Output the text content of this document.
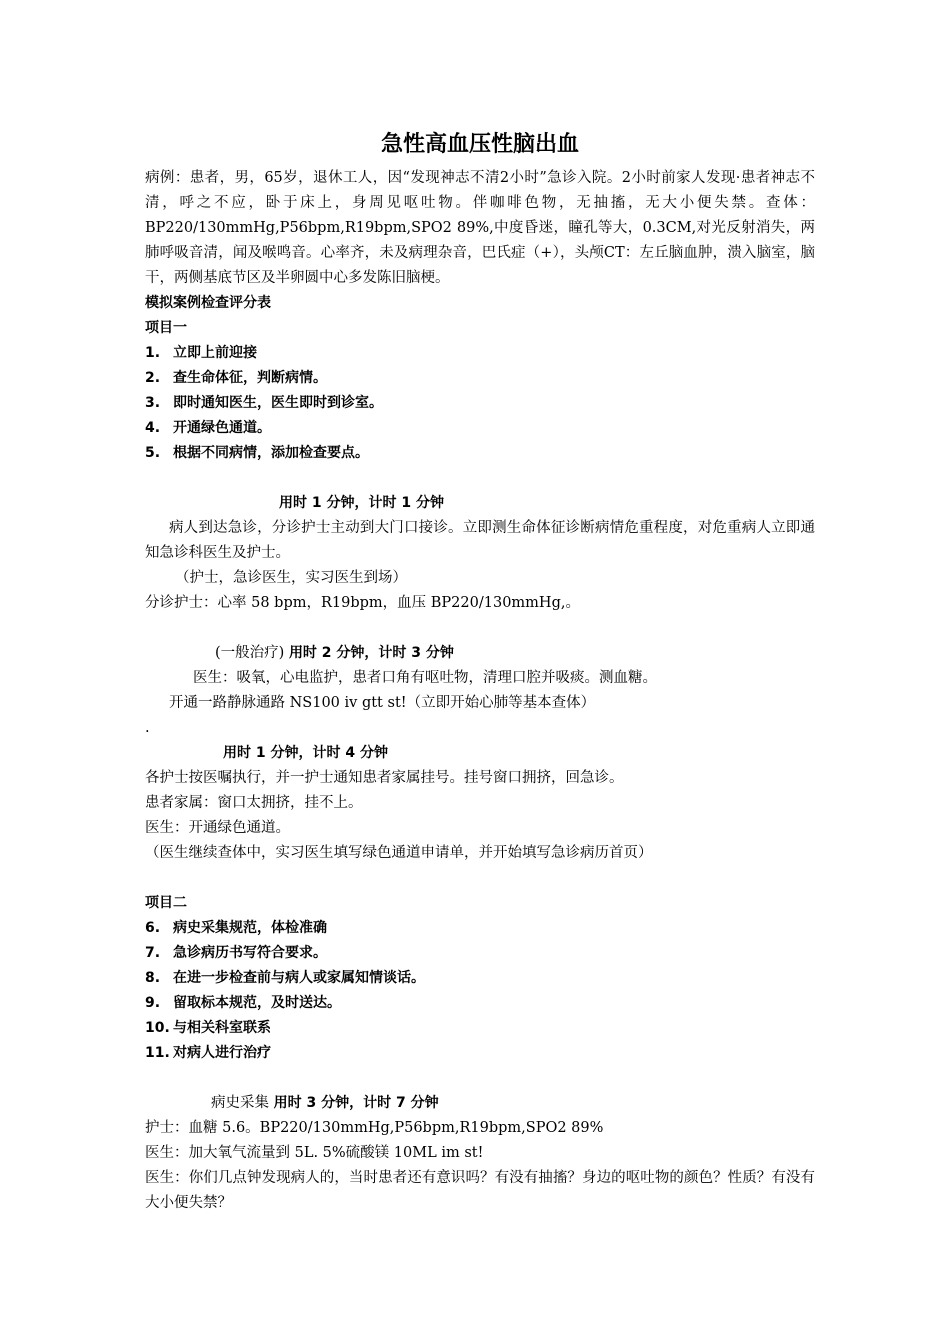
急性高血压性脑出血
病例：患者，男，65岁，退休工人，因“发现神志不清2小时”急诊入院。2小时前家人发现·患者神志不清，呼之不应，卧于床上，身周见呕吐物。伴咖啡色物，无抽搐，无大小便失禁。查体：BP220/130mmHg,P56bpm,R19bpm,SPO2 89%,中度昏迷，瞳孔等大，0.3CM,对光反射消失，两肺呼吸音清，闻及喉鸣音。心率齐，未及病理杂音，巴氏症（+），头颅CT：左丘脑血肿，溃入脑室，脑干，两侧基底节区及半卵圆中心多发陈旧脑梗。
模拟案例检查评分表
项目一
1. 立即上前迎接
2. 查生命体征，判断病情。
3. 即时通知医生，医生即时到诊室。
4. 开通绿色通道。
5. 根据不同病情，添加检查要点。
用时 1 分钟，计时 1 分钟
病人到达急诊，分诊护士主动到大门口接诊。立即测生命体征诊断病情危重程度，对危重病人立即通知急诊科医生及护士。
（护士，急诊医生，实习医生到场）
分诊护士：心率 58 bpm，R19bpm，血压 BP220/130mmHg,。
(一般治疗) 用时 2 分钟，计时 3 分钟
医生：吸氧，心电监护，患者口角有呕吐物，清理口腔并吸痰。测血糖。
开通一路静脉通路 NS100 iv gtt st!（立即开始心肺等基本查体）
.
用时 1 分钟，计时 4 分钟
各护士按医嘱执行，并一护士通知患者家属挂号。挂号窗口拥挤，回急诊。
患者家属：窗口太拥挤，挂不上。
医生：开通绿色通道。
（医生继续查体中，实习医生填写绿色通道申请单，并开始填写急诊病历首页）
项目二
6. 病史采集规范，体检准确
7. 急诊病历书写符合要求。
8. 在进一步检查前与病人或家属知情谈话。
9. 留取标本规范，及时送达。
10. 与相关科室联系
11. 对病人进行治疗
病史采集 用时 3 分钟，计时 7 分钟
护士：血糖 5.6。BP220/130mmHg,P56bpm,R19bpm,SPO2 89%
医生：加大氧气流量到 5L. 5%硫酸镁 10ML im st!
医生：你们几点钟发现病人的，当时患者还有意识吗？有没有抽搐？身边的呕吐物的颜色？性质？有没有大小便失禁？
